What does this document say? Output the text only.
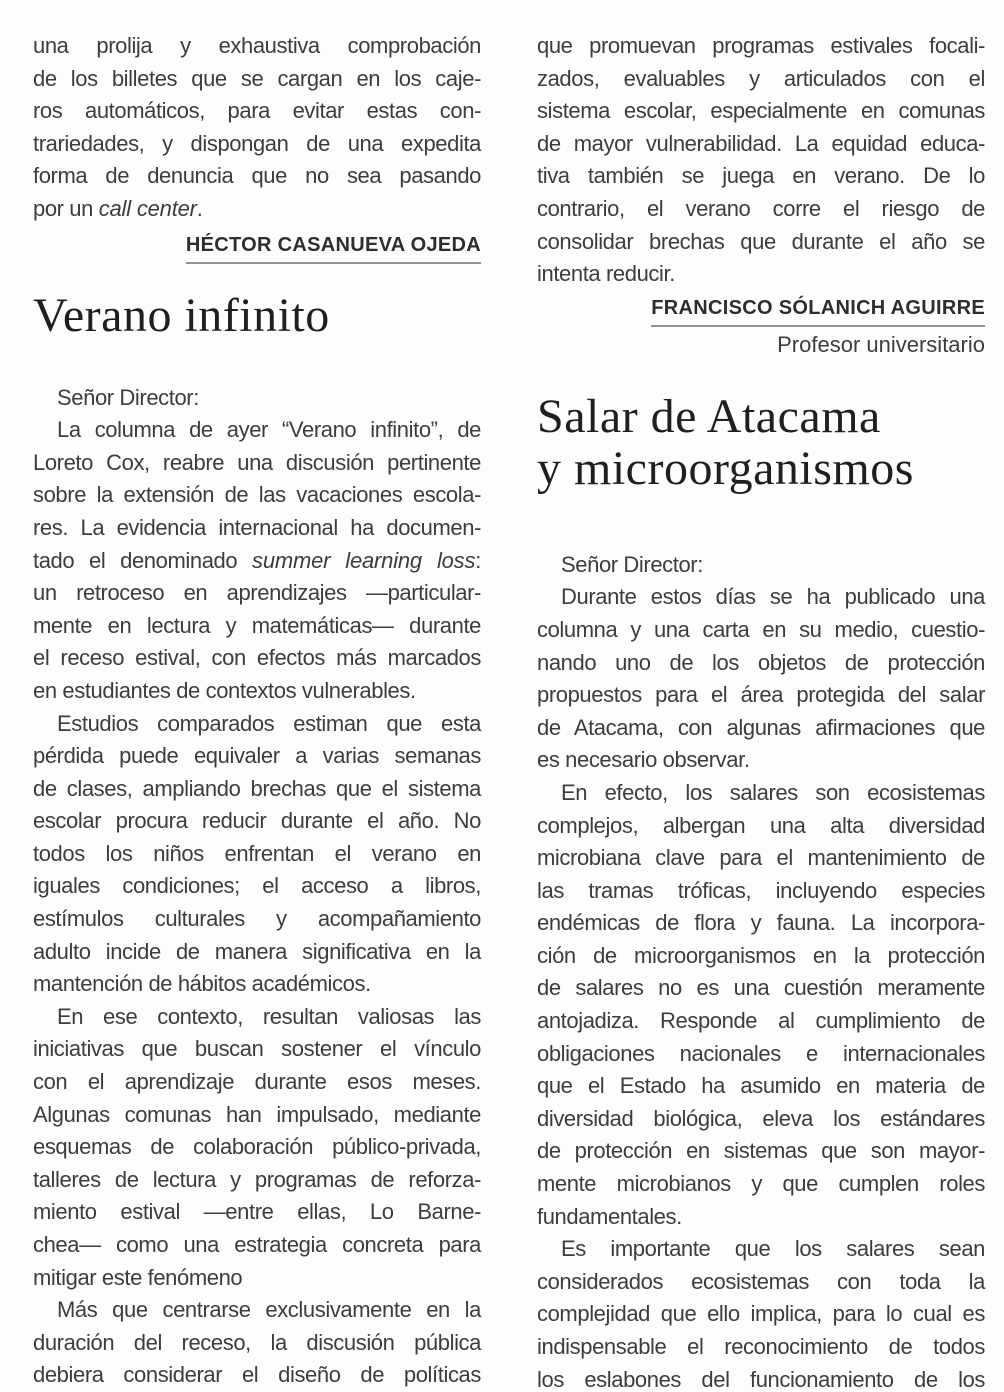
una prolija y exhaustiva comprobación
de los billetes que se cargan en los caje-
ros automáticos, para evitar estas con-
trariedades, y dispongan de una expedita
forma de denuncia que no sea pasando
por un call center.
HÉCTOR CASANUEVA OJEDA
Verano infinito
Señor Director:
La columna de ayer “Verano infinito”, de
Loreto Cox, reabre una discusión pertinente
sobre la extensión de las vacaciones escola-
res. La evidencia internacional ha documen-
tado el denominado summer learning loss:
un retroceso en aprendizajes —particular-
mente en lectura y matemáticas— durante
el receso estival, con efectos más marcados
en estudiantes de contextos vulnerables.
Estudios comparados estiman que esta
pérdida puede equivaler a varias semanas
de clases, ampliando brechas que el sistema
escolar procura reducir durante el año. No
todos los niños enfrentan el verano en
iguales condiciones; el acceso a libros,
estímulos culturales y acompañamiento
adulto incide de manera significativa en la
mantención de hábitos académicos.
En ese contexto, resultan valiosas las
iniciativas que buscan sostener el vínculo
con el aprendizaje durante esos meses.
Algunas comunas han impulsado, mediante
esquemas de colaboración público-privada,
talleres de lectura y programas de reforza-
miento estival —entre ellas, Lo Barne-
chea— como una estrategia concreta para
mitigar este fenómeno
Más que centrarse exclusivamente en la
duración del receso, la discusión pública
debiera considerar el diseño de políticas
que promuevan programas estivales focali-
zados, evaluables y articulados con el
sistema escolar, especialmente en comunas
de mayor vulnerabilidad. La equidad educa-
tiva también se juega en verano. De lo
contrario, el verano corre el riesgo de
consolidar brechas que durante el año se
intenta reducir.
FRANCISCO SÓLANICH AGUIRRE
Profesor universitario
Salar de Atacama
y microorganismos
Señor Director:
Durante estos días se ha publicado una
columna y una carta en su medio, cuestio-
nando uno de los objetos de protección
propuestos para el área protegida del salar
de Atacama, con algunas afirmaciones que
es necesario observar.
En efecto, los salares son ecosistemas
complejos, albergan una alta diversidad
microbiana clave para el mantenimiento de
las tramas tróficas, incluyendo especies
endémicas de flora y fauna. La incorpora-
ción de microorganismos en la protección
de salares no es una cuestión meramente
antojadiza. Responde al cumplimiento de
obligaciones nacionales e internacionales
que el Estado ha asumido en materia de
diversidad biológica, eleva los estándares
de protección en sistemas que son mayor-
mente microbianos y que cumplen roles
fundamentales.
Es importante que los salares sean
considerados ecosistemas con toda la
complejidad que ello implica, para lo cual es
indispensable el reconocimiento de todos
los eslabones del funcionamiento de los
